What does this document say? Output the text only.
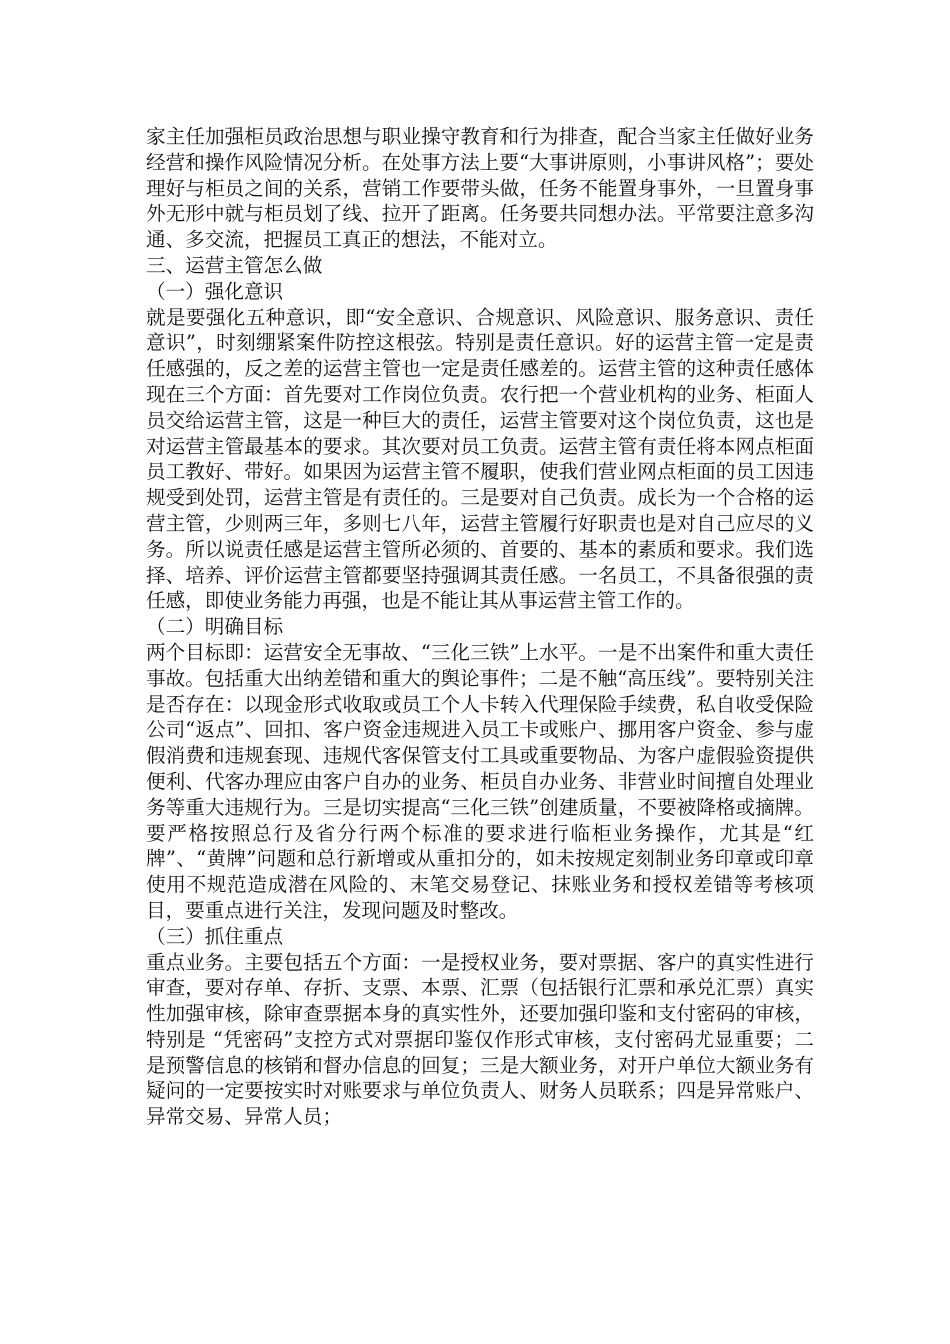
家主任加强柜员政治思想与职业操守教育和行为排查，配合当家主任做好业务经营和操作风险情况分析。在处事方法上要“大事讲原则，小事讲风格”；要处理好与柜员之间的关系，营销工作要带头做，任务不能置身事外，一旦置身事外无形中就与柜员划了线、拉开了距离。任务要共同想办法。平常要注意多沟通、多交流，把握员工真正的想法，不能对立。

三、运营主管怎么做

（一）强化意识

就是要强化五种意识，即“安全意识、合规意识、风险意识、服务意识、责任意识”，时刻绷紧案件防控这根弦。特别是责任意识。好的运营主管一定是责任感强的，反之差的运营主管也一定是责任感差的。运营主管的这种责任感体现在三个方面：首先要对工作岗位负责。农行把一个营业机构的业务、柜面人员交给运营主管，这是一种巨大的责任，运营主管要对这个岗位负责，这也是对运营主管最基本的要求。其次要对员工负责。运营主管有责任将本网点柜面员工教好、带好。如果因为运营主管不履职，使我们营业网点柜面的员工因违规受到处罚，运营主管是有责任的。三是要对自己负责。成长为一个合格的运营主管，少则两三年，多则七八年，运营主管履行好职责也是对自己应尽的义务。所以说责任感是运营主管所必须的、首要的、基本的素质和要求。我们选择、培养、评价运营主管都要坚持强调其责任感。一名员工，不具备很强的责任感，即使业务能力再强，也是不能让其从事运营主管工作的。

（二）明确目标

两个目标即：运营安全无事故、“三化三铁”上水平。一是不出案件和重大责任事故。包括重大出纳差错和重大的舆论事件；二是不触“高压线”。要特别关注是否存在：以现金形式收取或员工个人卡转入代理保险手续费，私自收受保险公司“返点”、回扣、客户资金违规进入员工卡或账户、挪用客户资金、参与虚假消费和违规套现、违规代客保管支付工具或重要物品、为客户虚假验资提供便利、代客办理应由客户自办的业务、柜员自办业务、非营业时间擅自处理业务等重大违规行为。三是切实提高“三化三铁”创建质量，不要被降格或摘牌。要严格按照总行及省分行两个标准的要求进行临柜业务操作，尤其是“红牌”、“黄牌”问题和总行新增或从重扣分的，如未按规定刻制业务印章或印章使用不规范造成潜在风险的、末笔交易登记、抹账业务和授权差错等考核项目，要重点进行关注，发现问题及时整改。

（三）抓住重点

重点业务。主要包括五个方面：一是授权业务，要对票据、客户的真实性进行审查，要对存单、存折、支票、本票、汇票（包括银行汇票和承兑汇票）真实性加强审核，除审查票据本身的真实性外，还要加强印鉴和支付密码的审核，特别是 “凭密码”支控方式对票据印鉴仅作形式审核，支付密码尤显重要；二是预警信息的核销和督办信息的回复；三是大额业务，对开户单位大额业务有疑问的一定要按实时对账要求与单位负责人、财务人员联系；四是异常账户、异常交易、异常人员；
